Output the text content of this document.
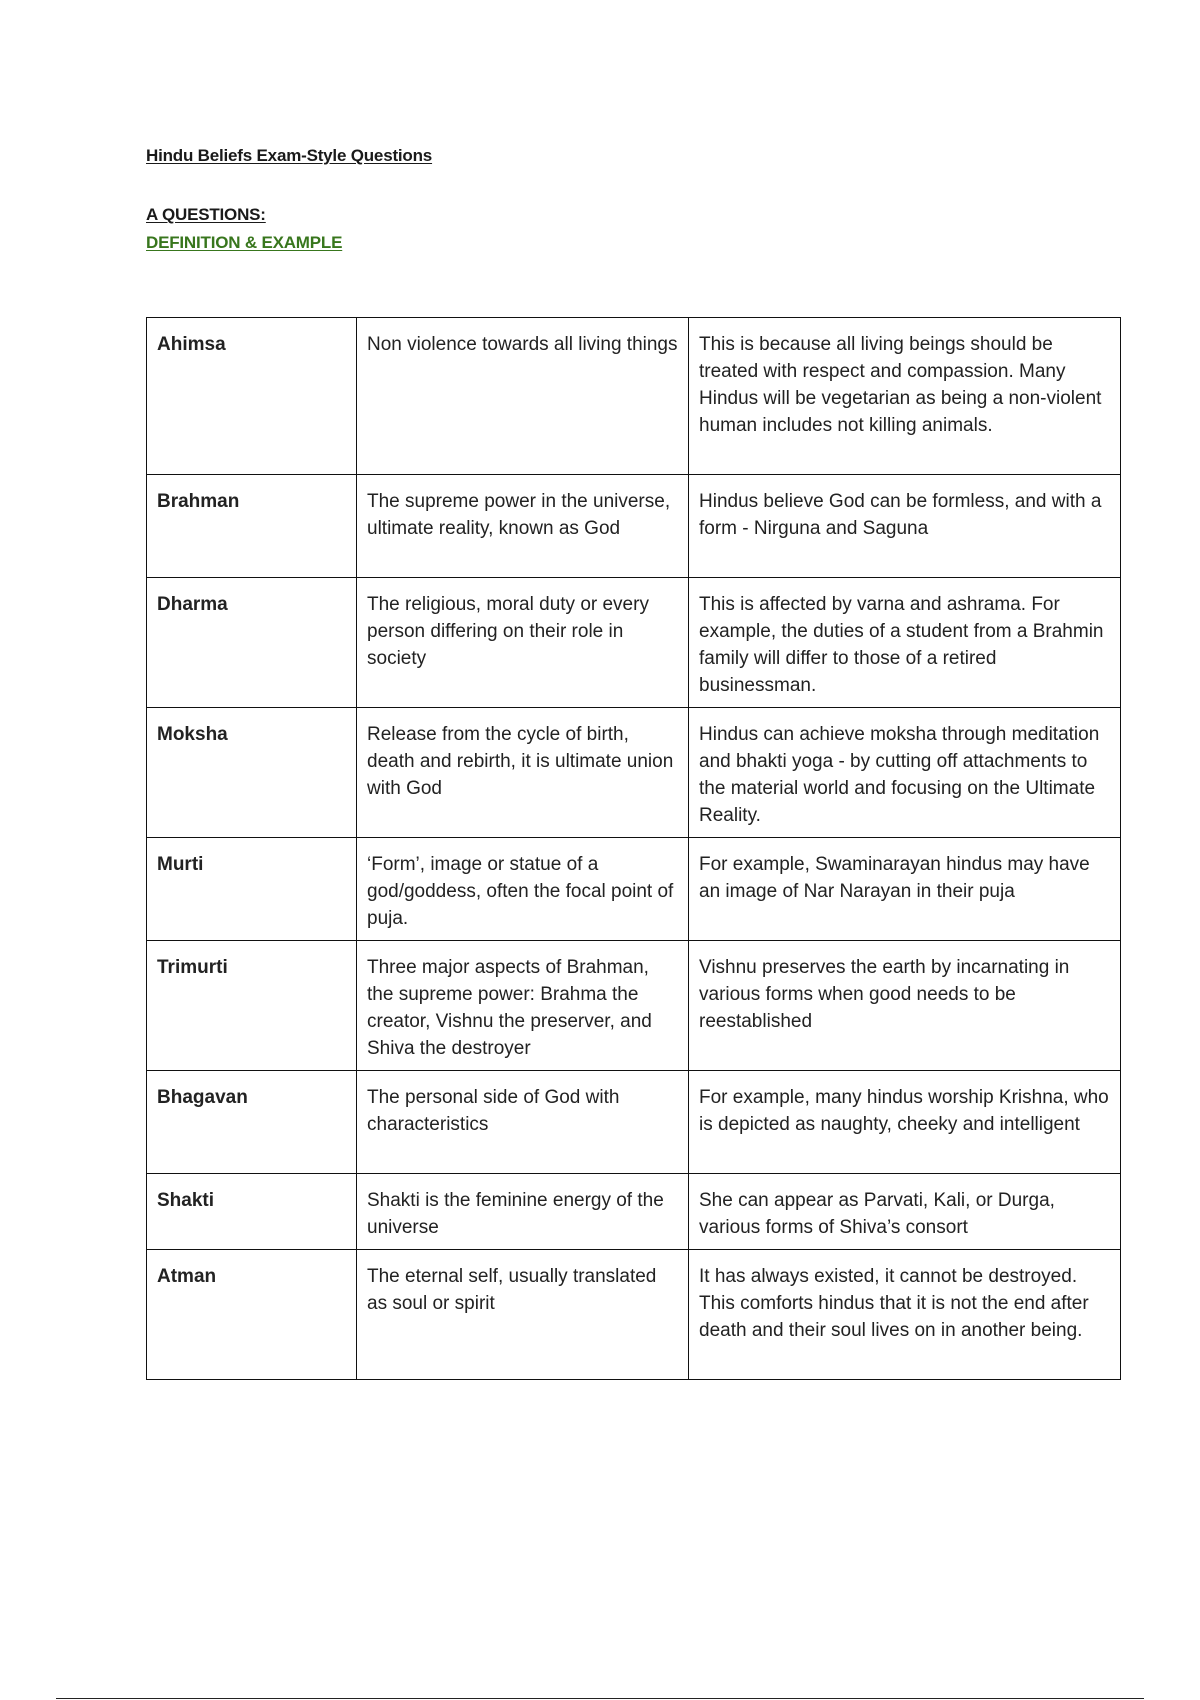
Hindu Beliefs Exam-Style Questions
A QUESTIONS:
DEFINITION & EXAMPLE
Ahimsa	Non violence towards all living things	This is because all living beings should be treated with respect and compassion. Many Hindus will be vegetarian as being a non-violent human includes not killing animals.
Brahman	The supreme power in the universe, ultimate reality, known as God	Hindus believe God can be formless, and with a form - Nirguna and Saguna
Dharma	The religious, moral duty or every person differing on their role in society	This is affected by varna and ashrama. For example, the duties of a student from a Brahmin family will differ to those of a retired businessman.
Moksha	Release from the cycle of birth, death and rebirth, it is ultimate union with God	Hindus can achieve moksha through meditation and bhakti yoga - by cutting off attachments to the material world and focusing on the Ultimate Reality.
Murti	‘Form’, image or statue of a god/goddess, often the focal point of puja.	For example, Swaminarayan hindus may have an image of Nar Narayan in their puja
Trimurti	Three major aspects of Brahman, the supreme power: Brahma the creator, Vishnu the preserver, and Shiva the destroyer	Vishnu preserves the earth by incarnating in various forms when good needs to be reestablished
Bhagavan	The personal side of God with characteristics	For example, many hindus worship Krishna, who is depicted as naughty, cheeky and intelligent
Shakti	Shakti is the feminine energy of the universe	She can appear as Parvati, Kali, or Durga, various forms of Shiva’s consort
Atman	The eternal self, usually translated as soul or spirit	It has always existed, it cannot be destroyed. This comforts hindus that it is not the end after death and their soul lives on in another being.
